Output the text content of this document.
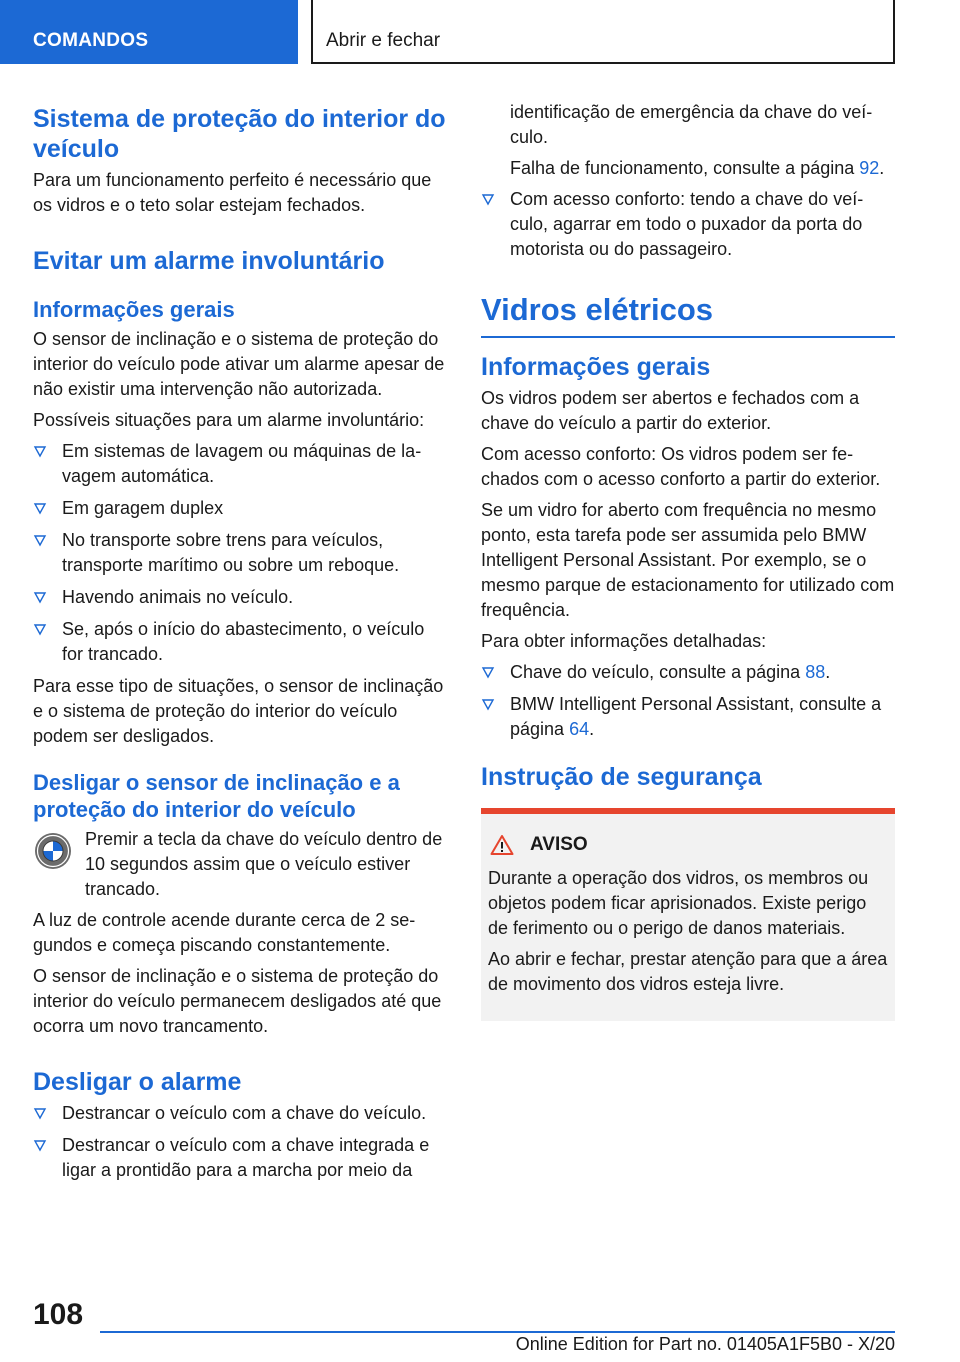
COMANDOS	Abrir e fechar
Sistema de proteção do interior do veículo

Para um funcionamento perfeito é necessário que os vidros e o teto solar estejam fechados.

Evitar um alarme involuntário
Informações gerais

O sensor de inclinação e o sistema de proteção do interior do veículo pode ativar um alarme apesar de não existir uma intervenção não autorizada.

Possíveis situações para um alarme involuntário:

Em sistemas de lavagem ou máquinas de lavagem automática.
Em garagem duplex
No transporte sobre trens para veículos, transporte marítimo ou sobre um reboque.
Havendo animais no veículo.
Se, após o início do abastecimento, o veículo for trancado.

Para esse tipo de situações, o sensor de inclinação e o sistema de proteção do interior do veículo podem ser desligados.

Desligar o sensor de inclinação e a proteção do interior do veículo

Premir a tecla da chave do veículo dentro de 10 segundos assim que o veículo estiver trancado.

A luz de controle acende durante cerca de 2 segundos e começa piscando constantemente.

O sensor de inclinação e o sistema de proteção do interior do veículo permanecem desligados até que ocorra um novo trancamento.

Desligar o alarme
Destrancar o veículo com a chave do veículo.
Destrancar o veículo com a chave integrada e ligar a prontidão para a marcha por meio da

identificação de emergência da chave do veículo.

Falha de funcionamento, consulte a página 92.

Com acesso conforto: tendo a chave do veículo, agarrar em todo o puxador da porta do motorista ou do passageiro.
Vidros elétricos
Informações gerais

Os vidros podem ser abertos e fechados com a chave do veículo a partir do exterior.

Com acesso conforto: Os vidros podem ser fechados com o acesso conforto a partir do exterior.

Se um vidro for aberto com frequência no mesmo ponto, esta tarefa pode ser assumida pelo BMW Intelligent Personal Assistant. Por exemplo, se o mesmo parque de estacionamento for utilizado com frequência.

Para obter informações detalhadas:

Chave do veículo, consulte a página 88.
BMW Intelligent Personal Assistant, consulte a página 64.
Instrução de segurança
AVISO

Durante a operação dos vidros, os membros ou objetos podem ficar aprisionados. Existe perigo de ferimento ou o perigo de danos materiais.

Ao abrir e fechar, prestar atenção para que a área de movimento dos vidros esteja livre.

108
Online Edition for Part no. 01405A1F5B0 - X/20
